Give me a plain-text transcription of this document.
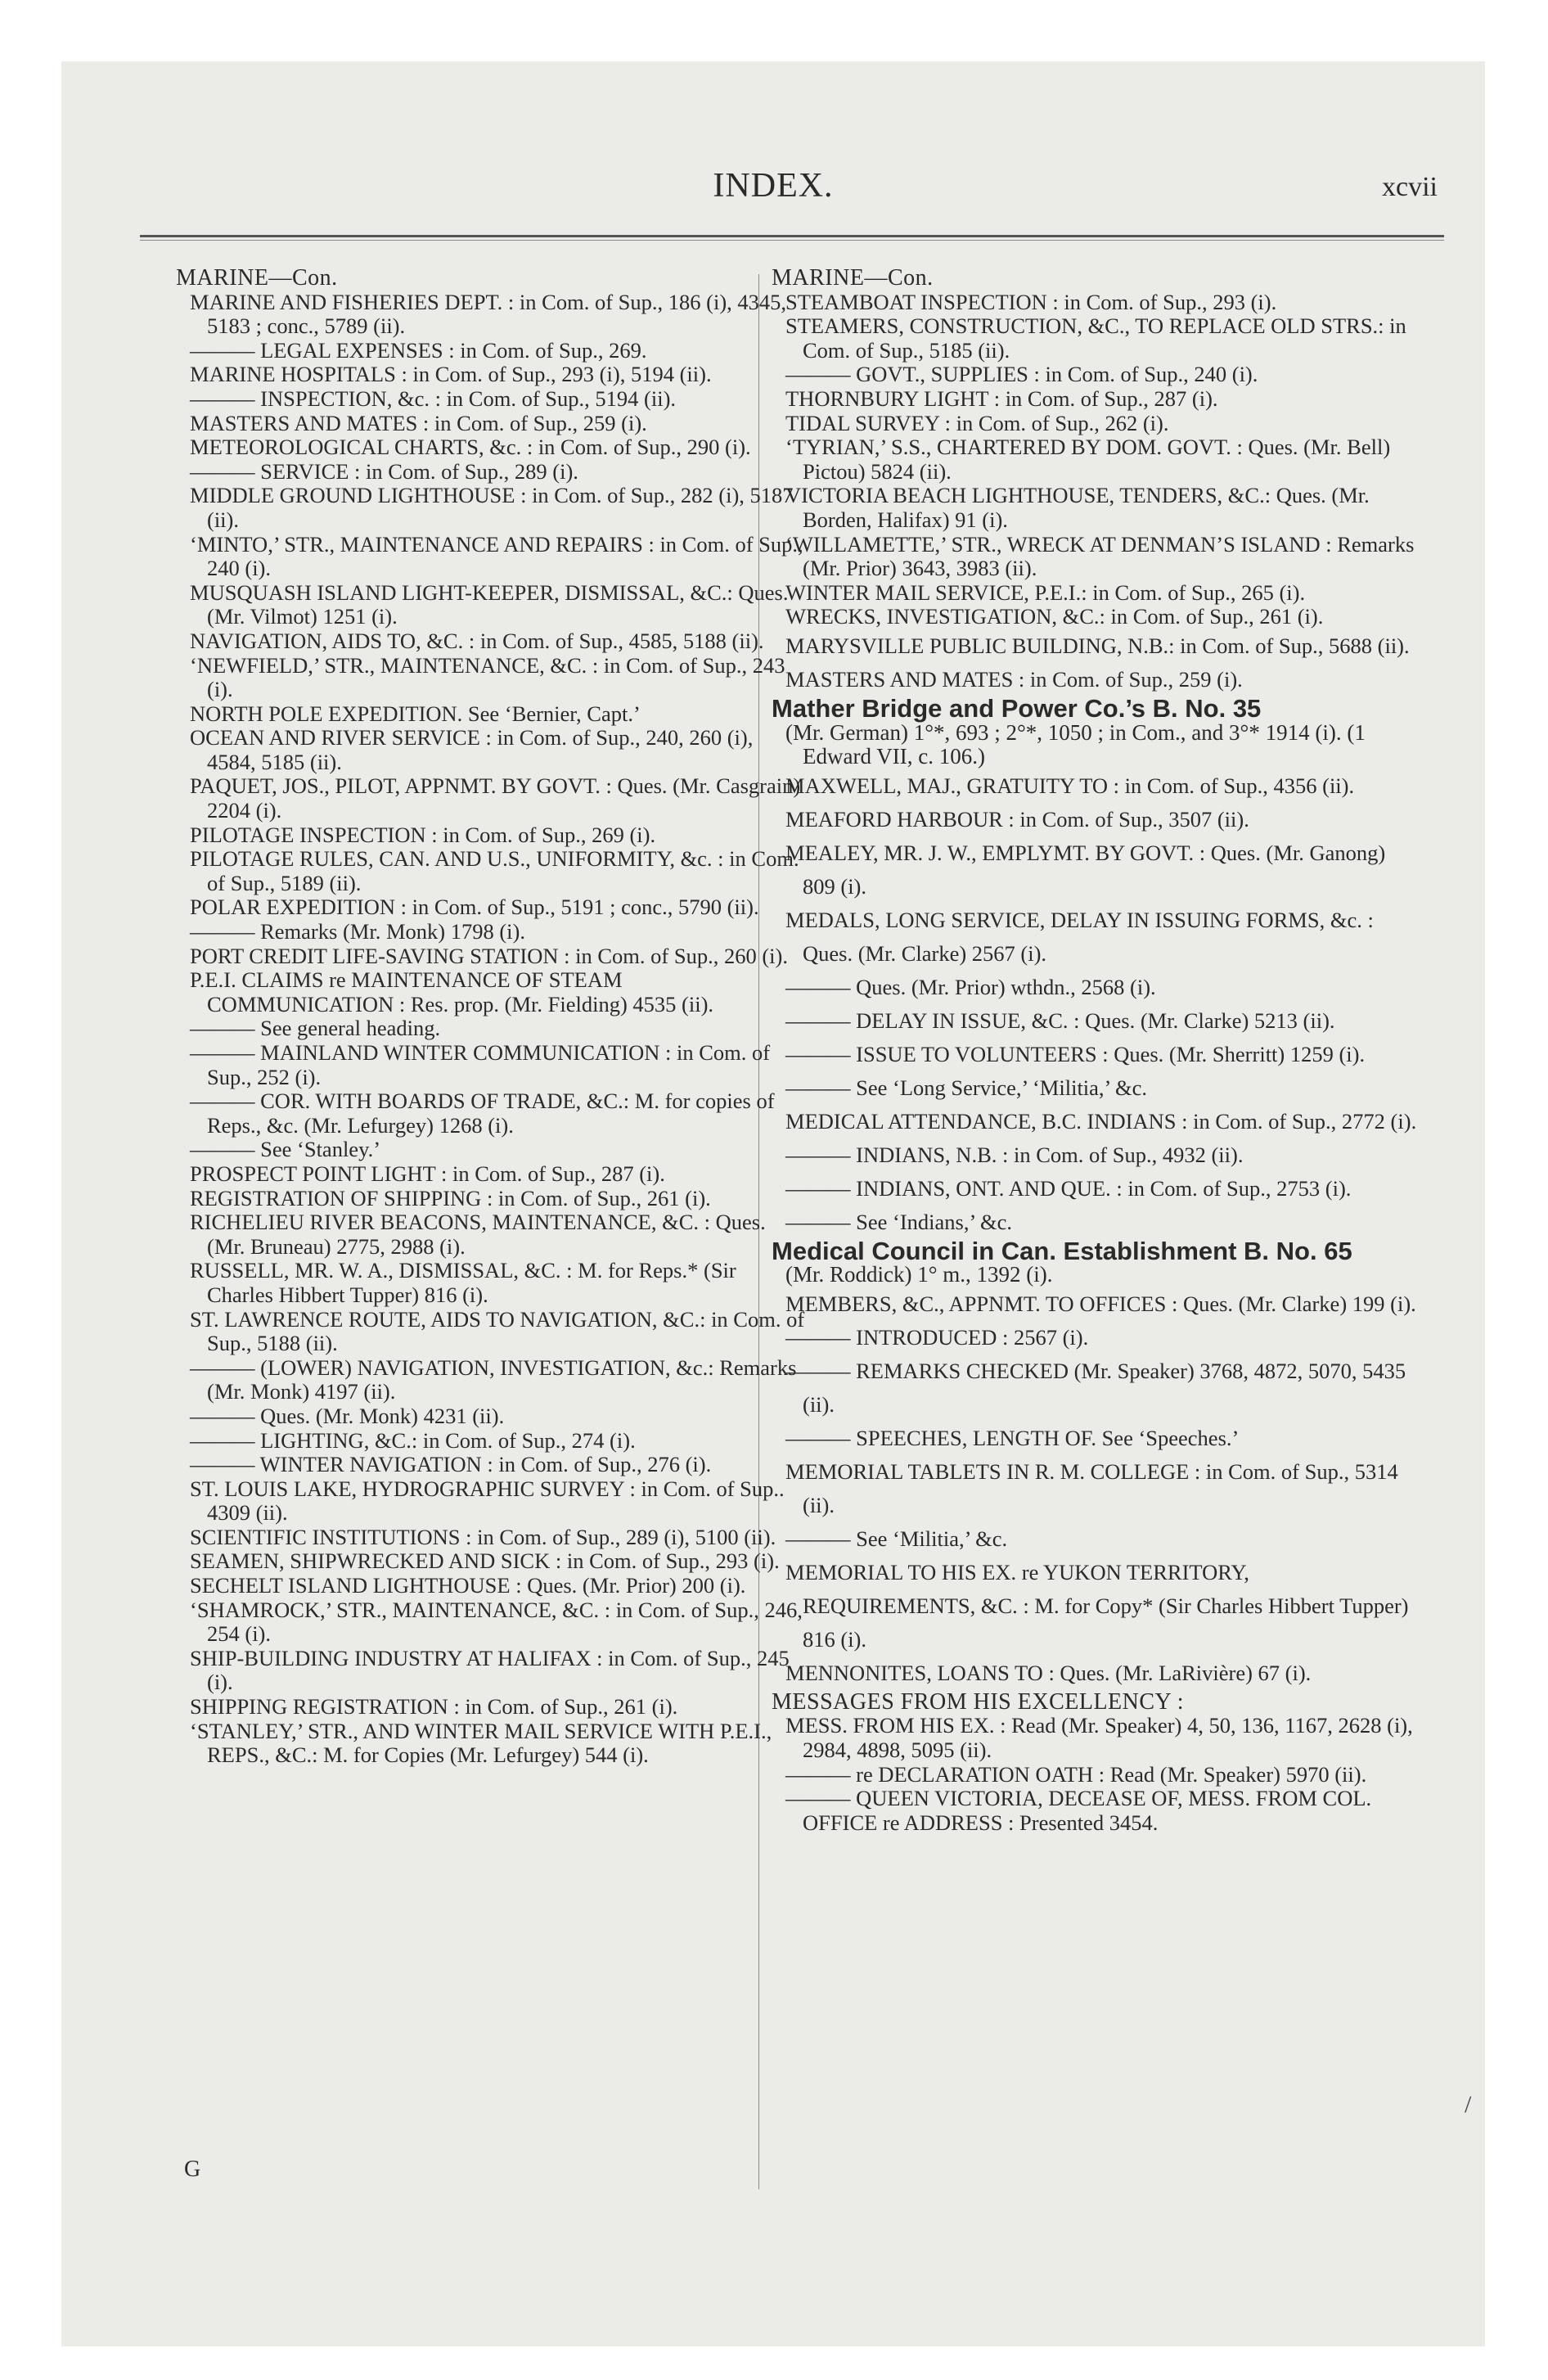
INDEX.	xcvii
MARINE—Con.
MARINE AND FISHERIES DEPT. : in Com. of Sup., 186 (i), 4345, 5183 ; conc., 5789 (ii).
——— LEGAL EXPENSES : in Com. of Sup., 269.
MARINE HOSPITALS : in Com. of Sup., 293 (i), 5194 (ii).
——— INSPECTION, &c. : in Com. of Sup., 5194 (ii).
MASTERS AND MATES : in Com. of Sup., 259 (i).
METEOROLOGICAL CHARTS, &c. : in Com. of Sup., 290 (i).
——— SERVICE : in Com. of Sup., 289 (i).
MIDDLE GROUND LIGHTHOUSE : in Com. of Sup., 282 (i), 5187 (ii).
‘MINTO,’ STR., MAINTENANCE AND REPAIRS : in Com. of Sup., 240 (i).
MUSQUASH ISLAND LIGHT-KEEPER, DISMISSAL, &C.: Ques. (Mr. Vilmot) 1251 (i).
NAVIGATION, AIDS TO, &C. : in Com. of Sup., 4585, 5188 (ii).
‘NEWFIELD,’ STR., MAINTENANCE, &C. : in Com. of Sup., 243 (i).
NORTH POLE EXPEDITION. See ‘Bernier, Capt.’
OCEAN AND RIVER SERVICE : in Com. of Sup., 240, 260 (i), 4584, 5185 (ii).
PAQUET, JOS., PILOT, APPNMT. BY GOVT. : Ques. (Mr. Casgrain) 2204 (i).
PILOTAGE INSPECTION : in Com. of Sup., 269 (i).
PILOTAGE RULES, CAN. AND U.S., UNIFORMITY, &c. : in Com. of Sup., 5189 (ii).
POLAR EXPEDITION : in Com. of Sup., 5191 ; conc., 5790 (ii).
——— Remarks (Mr. Monk) 1798 (i).
PORT CREDIT LIFE-SAVING STATION : in Com. of Sup., 260 (i).
P.E.I. CLAIMS re MAINTENANCE OF STEAM COMMUNICATION : Res. prop. (Mr. Fielding) 4535 (ii).
——— See general heading.
——— MAINLAND WINTER COMMUNICATION : in Com. of Sup., 252 (i).
——— COR. WITH BOARDS OF TRADE, &C.: M. for copies of Reps., &c. (Mr. Lefurgey) 1268 (i).
——— See ‘Stanley.’
PROSPECT POINT LIGHT : in Com. of Sup., 287 (i).
REGISTRATION OF SHIPPING : in Com. of Sup., 261 (i).
RICHELIEU RIVER BEACONS, MAINTENANCE, &C. : Ques. (Mr. Bruneau) 2775, 2988 (i).
RUSSELL, MR. W. A., DISMISSAL, &C. : M. for Reps.* (Sir Charles Hibbert Tupper) 816 (i).
ST. LAWRENCE ROUTE, AIDS TO NAVIGATION, &C.: in Com. of Sup., 5188 (ii).
——— (LOWER) NAVIGATION, INVESTIGATION, &c.: Remarks (Mr. Monk) 4197 (ii).
——— Ques. (Mr. Monk) 4231 (ii).
——— LIGHTING, &C.: in Com. of Sup., 274 (i).
——— WINTER NAVIGATION : in Com. of Sup., 276 (i).
ST. LOUIS LAKE, HYDROGRAPHIC SURVEY : in Com. of Sup.. 4309 (ii).
SCIENTIFIC INSTITUTIONS : in Com. of Sup., 289 (i), 5100 (ii).
SEAMEN, SHIPWRECKED AND SICK : in Com. of Sup., 293 (i).
SECHELT ISLAND LIGHTHOUSE : Ques. (Mr. Prior) 200 (i).
‘SHAMROCK,’ STR., MAINTENANCE, &C. : in Com. of Sup., 246, 254 (i).
SHIP-BUILDING INDUSTRY AT HALIFAX : in Com. of Sup., 245 (i).
SHIPPING REGISTRATION : in Com. of Sup., 261 (i).
‘STANLEY,’ STR., AND WINTER MAIL SERVICE WITH P.E.I., REPS., &C.: M. for Copies (Mr. Lefurgey) 544 (i).
MARINE—Con.
STEAMBOAT INSPECTION : in Com. of Sup., 293 (i).
STEAMERS, CONSTRUCTION, &C., TO REPLACE OLD STRS.: in Com. of Sup., 5185 (ii).
——— GOVT., SUPPLIES : in Com. of Sup., 240 (i).
THORNBURY LIGHT : in Com. of Sup., 287 (i).
TIDAL SURVEY : in Com. of Sup., 262 (i).
‘TYRIAN,’ S.S., CHARTERED BY DOM. GOVT. : Ques. (Mr. Bell) Pictou) 5824 (ii).
VICTORIA BEACH LIGHTHOUSE, TENDERS, &C.: Ques. (Mr. Borden, Halifax) 91 (i).
‘WILLAMETTE,’ STR., WRECK AT DENMAN’S ISLAND : Remarks (Mr. Prior) 3643, 3983 (ii).
WINTER MAIL SERVICE, P.E.I.: in Com. of Sup., 265 (i).
WRECKS, INVESTIGATION, &C.: in Com. of Sup., 261 (i).
MARYSVILLE PUBLIC BUILDING, N.B.: in Com. of Sup., 5688 (ii).
MASTERS AND MATES : in Com. of Sup., 259 (i).
Mather Bridge and Power Co.’s B. No. 35
(Mr. German) 1°*, 693 ; 2°*, 1050 ; in Com., and 3°* 1914 (i). (1 Edward VII, c. 106.)
MAXWELL, MAJ., GRATUITY TO : in Com. of Sup., 4356 (ii).
MEAFORD HARBOUR : in Com. of Sup., 3507 (ii).
MEALEY, MR. J. W., EMPLYMT. BY GOVT. : Ques. (Mr. Ganong) 809 (i).
MEDALS, LONG SERVICE, DELAY IN ISSUING FORMS, &c. : Ques. (Mr. Clarke) 2567 (i).
——— Ques. (Mr. Prior) wthdn., 2568 (i).
——— DELAY IN ISSUE, &C. : Ques. (Mr. Clarke) 5213 (ii).
——— ISSUE TO VOLUNTEERS : Ques. (Mr. Sherritt) 1259 (i).
——— See ‘Long Service,’ ‘Militia,’ &c.
MEDICAL ATTENDANCE, B.C. INDIANS : in Com. of Sup., 2772 (i).
——— INDIANS, N.B. : in Com. of Sup., 4932 (ii).
——— INDIANS, ONT. AND QUE. : in Com. of Sup., 2753 (i).
——— See ‘Indians,’ &c.
Medical Council in Can. Establishment B. No. 65
(Mr. Roddick) 1° m., 1392 (i).
MEMBERS, &C., APPNMT. TO OFFICES : Ques. (Mr. Clarke) 199 (i).
——— INTRODUCED : 2567 (i).
——— REMARKS CHECKED (Mr. Speaker) 3768, 4872, 5070, 5435 (ii).
——— SPEECHES, LENGTH OF. See ‘Speeches.’
MEMORIAL TABLETS IN R. M. COLLEGE : in Com. of Sup., 5314 (ii).
——— See ‘Militia,’ &c.
MEMORIAL TO HIS EX. re YUKON TERRITORY, REQUIREMENTS, &C. : M. for Copy* (Sir Charles Hibbert Tupper) 816 (i).
MENNONITES, LOANS TO : Ques. (Mr. LaRivière) 67 (i).
MESSAGES FROM HIS EXCELLENCY :
MESS. FROM HIS EX. : Read (Mr. Speaker) 4, 50, 136, 1167, 2628 (i), 2984, 4898, 5095 (ii).
——— re DECLARATION OATH : Read (Mr. Speaker) 5970 (ii).
——— QUEEN VICTORIA, DECEASE OF, MESS. FROM COL. OFFICE re ADDRESS : Presented 3454.
G
/
